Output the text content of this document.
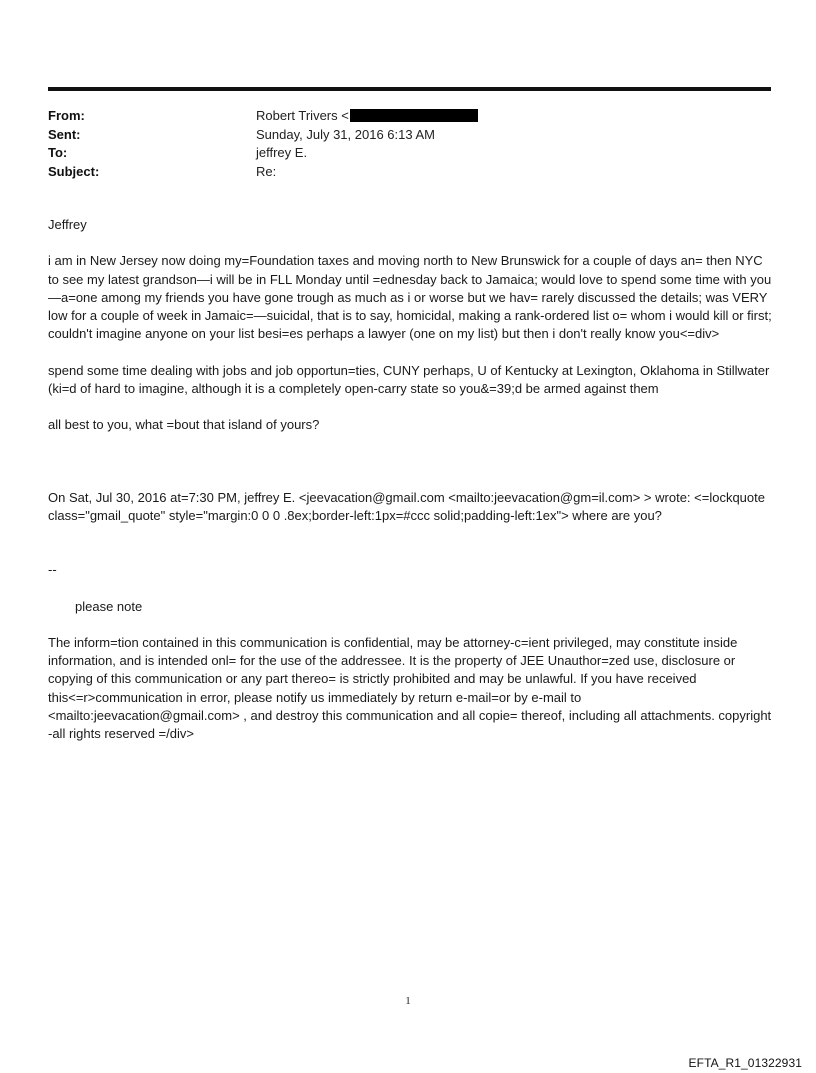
From:	Robert Trivers <
Sent:	Sunday, July 31, 2016 6:13 AM
To:	jeffrey E.
Subject:	Re:

Jeffrey

i am in New Jersey now doing my=Foundation taxes and moving north to New Brunswick for a couple of days an= then NYC to see my latest grandson—i will be in FLL Monday until =ednesday back to Jamaica; would love to spend some time with you—a=one among my friends you have gone trough as much as i or worse but we hav= rarely discussed the details; was VERY low for a couple of week in Jamaic=—suicidal, that is to say, homicidal, making a rank-ordered list o= whom i would kill or first; couldn't imagine anyone on your list besi=es perhaps a lawyer (one on my list) but then i don't really know you<=div>

spend some time dealing with jobs and job opportun=ties, CUNY perhaps, U of Kentucky at Lexington, Oklahoma in Stillwater (ki=d of hard to imagine, although it is a completely open-carry state so you&=39;d be armed against them

all best to you, what =bout that island of yours?

On Sat, Jul 30, 2016 at=7:30 PM, jeffrey E. <jeevacation@gmail.com <mailto:jeevacation@gm=il.com> > wrote: <=lockquote class="gmail_quote" style="margin:0 0 0 .8ex;border-left:1px=#ccc solid;padding-left:1ex"> where are you?

--

please note

The inform=tion contained in this communication is confidential, may be attorney-c=ient privileged, may constitute inside information, and is intended onl= for the use of the addressee. It is the property of JEE Unauthor=zed use, disclosure or copying of this communication or any part thereo= is strictly prohibited and may be unlawful. If you have received this<=r>communication in error, please notify us immediately by return e-mail=or by e-mail to <mailto:jeevacation@gmail.com> , and destroy this communication and all copie= thereof, including all attachments. copyright -all rights reserved =/div>

1
EFTA_R1_01322931
